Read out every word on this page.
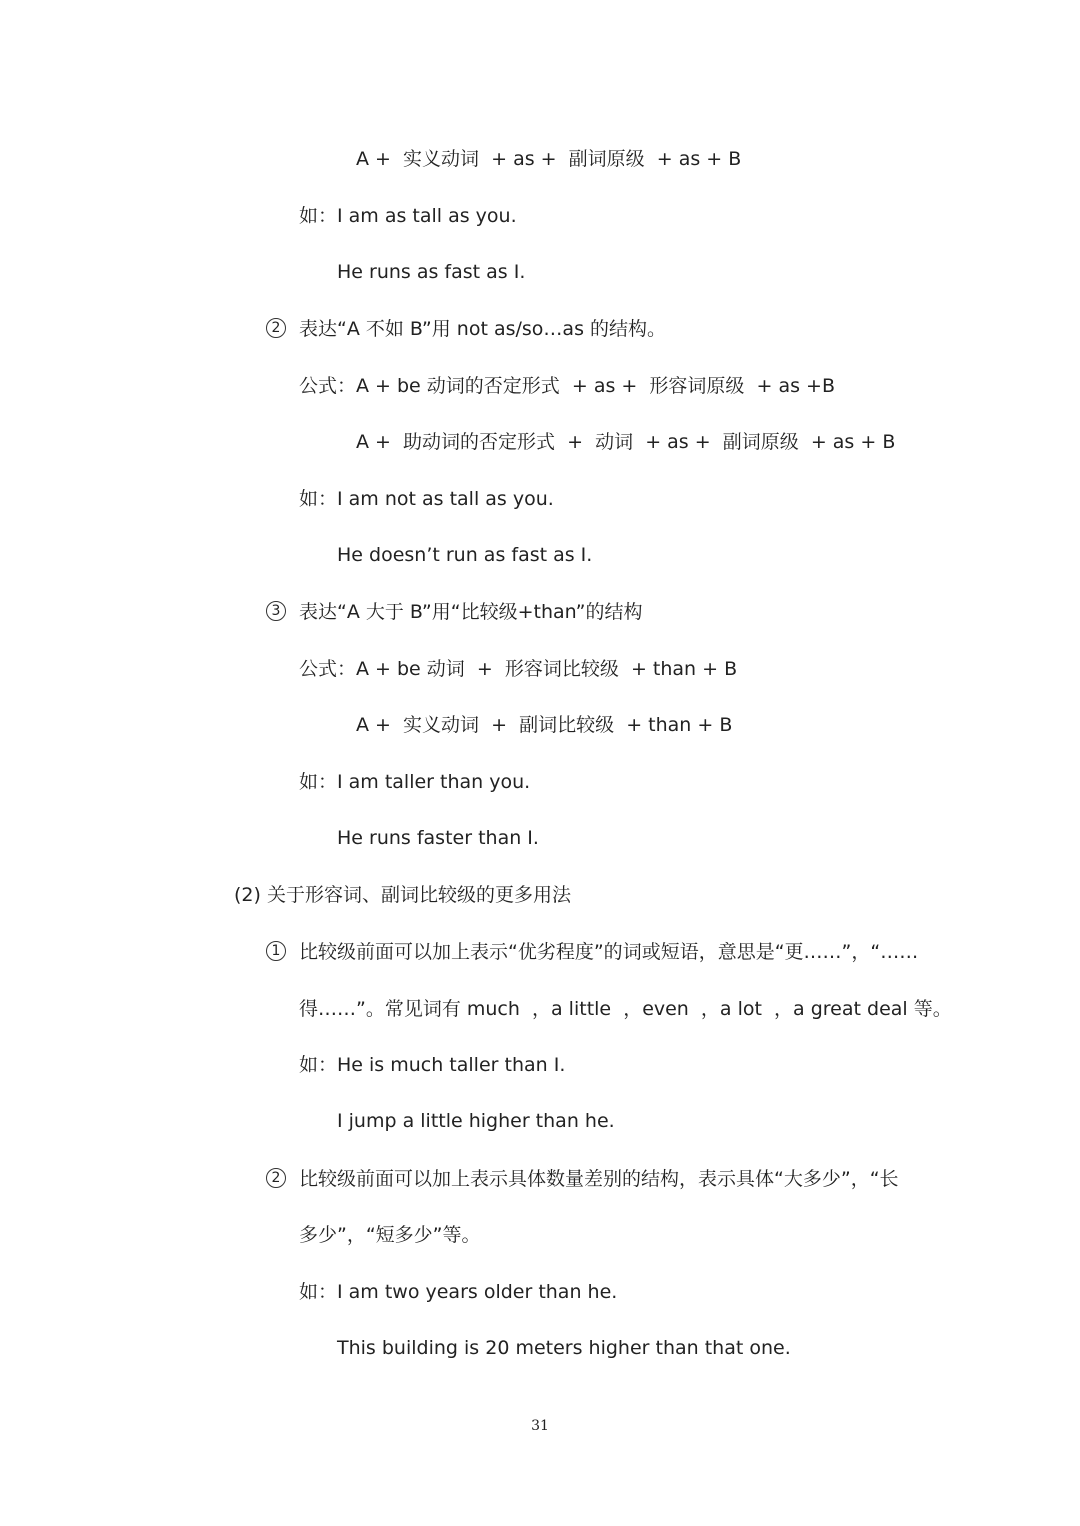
A +  实义动词  + as +  副词原级  + as + B
如：I am as tall as you.
He runs as fast as I.
2 表达“A 不如 B”用 not as/so…as 的结构。
公式：A + be 动词的否定形式  + as +  形容词原级  + as +B
A +  助动词的否定形式  +  动词  + as +  副词原级  + as + B
如：I am not as tall as you.
He doesn’t run as fast as I.
3 表达“A 大于 B”用“比较级+than”的结构
公式：A + be 动词  +  形容词比较级  + than + B
A +  实义动词  +  副词比较级  + than + B
如：I am taller than you.
He runs faster than I.
(2) 关于形容词、副词比较级的更多用法
1 比较级前面可以加上表示“优劣程度”的词或短语，意思是“更……”，“……
得……”。常见词有 much  ，a little  ，even  ，a lot  ，a great deal 等。
如：He is much taller than I.
I jump a little higher than he.
2 比较级前面可以加上表示具体数量差别的结构，表示具体“大多少”，“长
多少”，“短多少”等。
如：I am two years older than he.
This building is 20 meters higher than that one.
31
